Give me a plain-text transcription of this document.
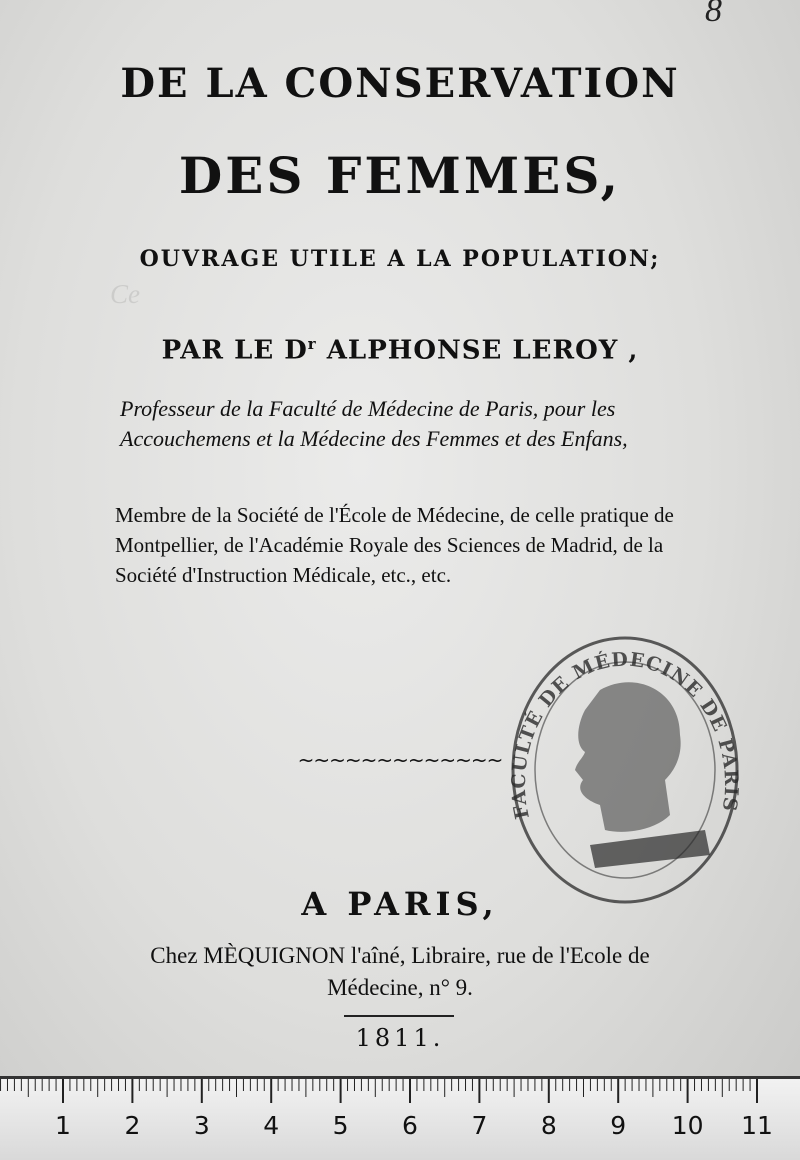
Ce
8
DE LA CONSERVATION
DES FEMMES,
OUVRAGE UTILE A LA POPULATION;
PAR LE $D^r$ ALPHONSE LEROY ,
Professeur de la Faculté de Médecine de Paris, pour les Accouchemens et la Médecine des Femmes et des Enfans,
Membre de la Société de l'École de Médecine, de celle pratique de Montpellier, de l'Académie Royale des Sciences de Madrid, de la Société d'Instruction Médicale, etc., etc.
~~~~~~~~~~~~~
FACULTÉ DE MÉDECINE DE PARIS
A PARIS,
Chez MÈQUIGNON l'aîné, Libraire, rue de l'Ecole de
Médecine, n° 9.
1811.
1 2 3 4 5 6 7 8 9 10 11
